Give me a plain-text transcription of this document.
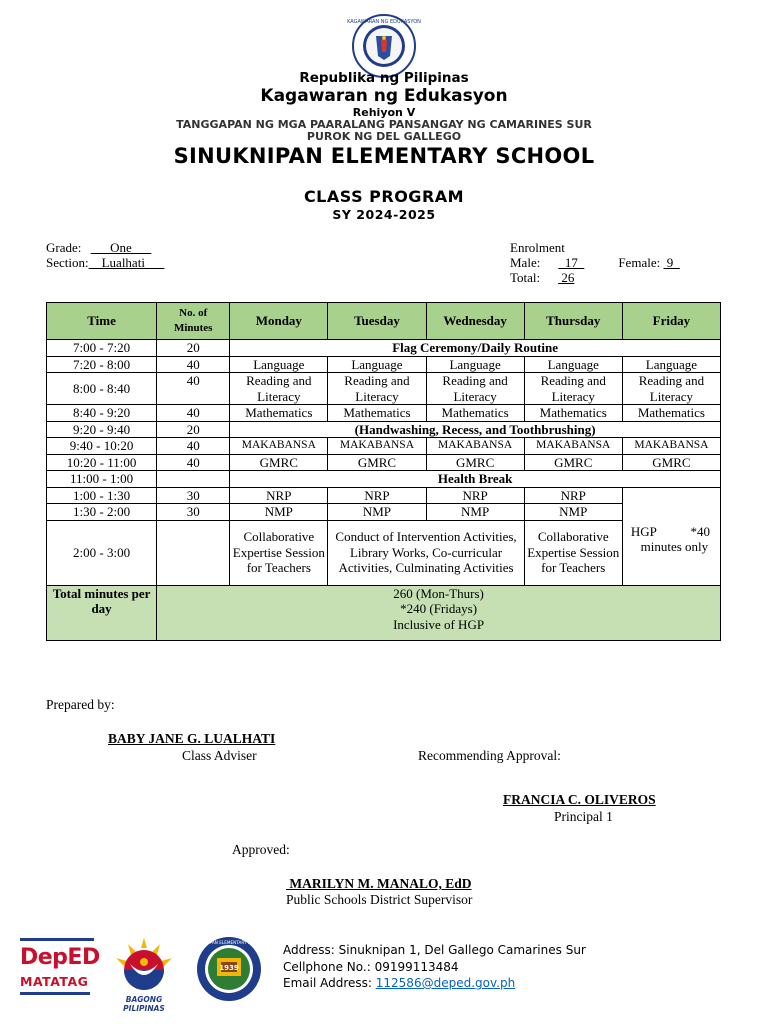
KAGAWARAN NG EDUKASYON
Republika ng Pilipinas
Kagawaran ng Edukasyon
Rehiyon V
TANGGAPAN NG MGA PAARALANG PANSANGAY NG CAMARINES SUR
PUROK NG DEL GALLEGO
SINUKNIPAN ELEMENTARY SCHOOL
CLASS PROGRAM
SY 2024-2025
Grade:       One
Section:    Lualhati
Enrolment
Male:  17	Female:  9
Total: 26
Time	No. of Minutes	Monday	Tuesday	Wednesday	Thursday	Friday
7:00 - 7:20	20	Flag Ceremony/Daily Routine				
7:20 - 8:00	40	Language	Language	Language	Language	Language
8:00 - 8:40	40	Reading and Literacy	Reading and Literacy	Reading and Literacy	Reading and Literacy	Reading and Literacy
8:40 - 9:20	40	Mathematics	Mathematics	Mathematics	Mathematics	Mathematics
9:20 - 9:40	20	(Handwashing, Recess, and Toothbrushing)				
9:40 - 10:20	40	MAKABANSA	MAKABANSA	MAKABANSA	MAKABANSA	MAKABANSA
10:20 - 11:00	40	GMRC	GMRC	GMRC	GMRC	GMRC
11:00 - 1:00		Health Break				
1:00 - 1:30	30	NRP	NRP	NRP	NRP	HGP *40
minutes only

1:30 - 2:00	30	NMP	NMP	NMP	NMP	
2:00 - 3:00		Collaborative Expertise Session for Teachers	Conduct of Intervention Activities, Library Works, Co-curricular Activities, Culminating Activities		Collaborative Expertise Session for Teachers	
Total minutes per day	260 (Mon-Thurs)
*240 (Fridays)
Inclusive of HGP					
Prepared by:
BABY JANE G. LUALHATI
Class Adviser	Recommending Approval:
FRANCIA C. OLIVEROS
Principal 1
Approved:
MARILYN M. MANALO, EdD
Public Schools District Supervisor
DepED
MATATAG
BAGONG PILIPINAS
1939
SINUKNIPAN ELEMENTARY SCHOOL
Address: Sinuknipan 1, Del Gallego Camarines Sur
Cellphone No.: 09199113484
Email Address: 112586@deped.gov.ph
